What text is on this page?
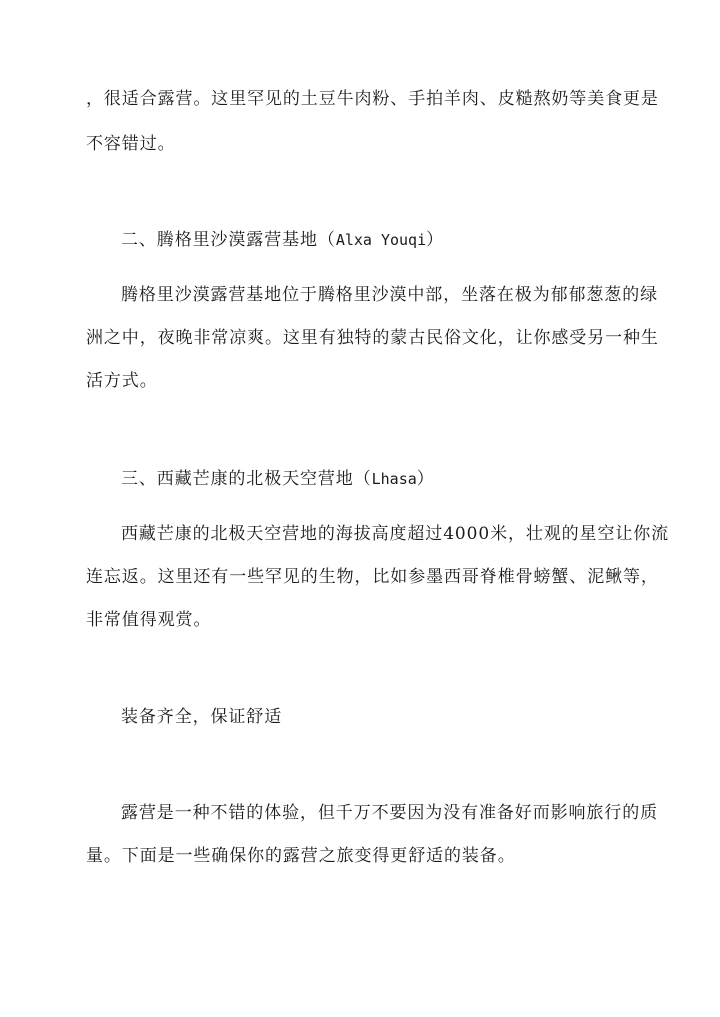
，很适合露营。这里罕见的土豆牛肉粉、手拍羊肉、皮糙熬奶等美食更是
不容错过。
二、腾格里沙漠露营基地（Alxa Youqi）
腾格里沙漠露营基地位于腾格里沙漠中部，坐落在极为郁郁葱葱的绿
洲之中，夜晚非常凉爽。这里有独特的蒙古民俗文化，让你感受另一种生
活方式。
三、西藏芒康的北极天空营地（Lhasa）
西藏芒康的北极天空营地的海拔高度超过4000米，壮观的星空让你流
连忘返。这里还有一些罕见的生物，比如参墨西哥脊椎骨螃蟹、泥鳅等，
非常值得观赏。
装备齐全，保证舒适
露营是一种不错的体验，但千万不要因为没有准备好而影响旅行的质
量。下面是一些确保你的露营之旅变得更舒适的装备。
